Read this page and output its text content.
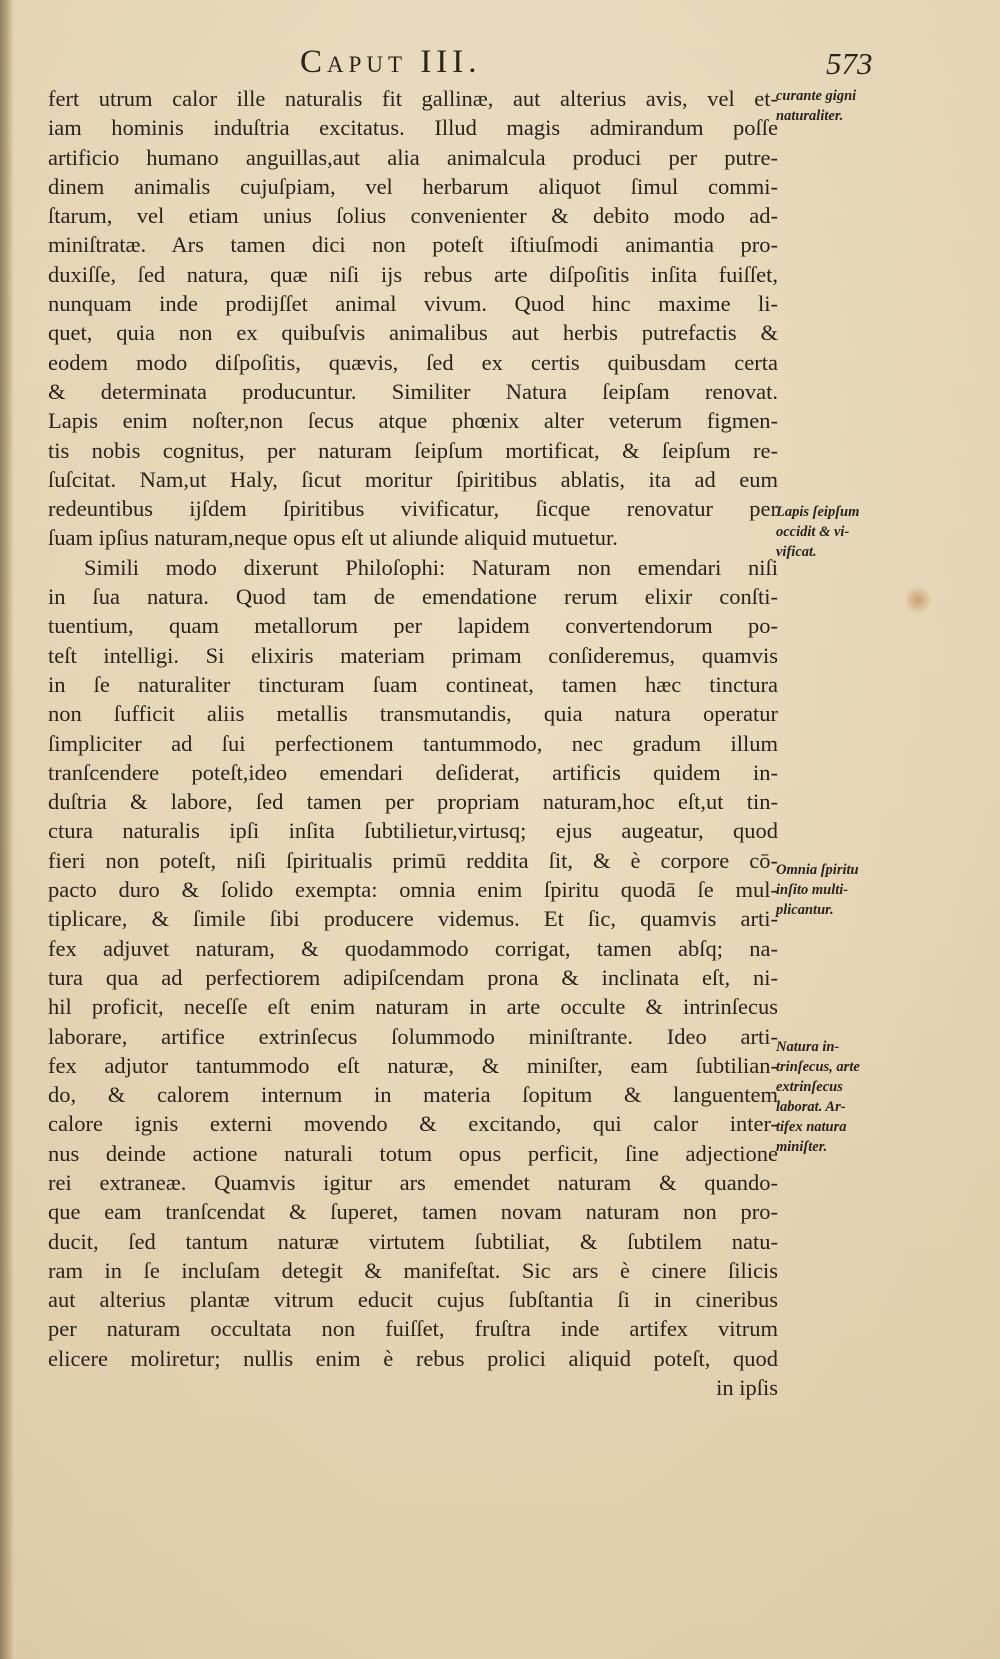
Caput III.	573
fert utrum calor ille naturalis fit gallinæ, aut alterius avis, vel et-
iam hominis induſtria excitatus. Illud magis admirandum poſſe
artificio humano anguillas,aut alia animalcula produci per putre-
dinem animalis cujuſpiam, vel herbarum aliquot ſimul commi-
ſtarum, vel etiam unius ſolius convenienter & debito modo ad-
miniſtratæ. Ars tamen dici non poteſt iſtiuſmodi animantia pro-
duxiſſe, ſed natura, quæ niſi ijs rebus arte diſpoſitis inſita fuiſſet,
nunquam inde prodijſſet animal vivum. Quod hinc maxime li-
quet, quia non ex quibuſvis animalibus aut herbis putrefactis &
eodem modo diſpoſitis, quævis, ſed ex certis quibusdam certa
& determinata producuntur. Similiter Natura ſeipſam renovat.
Lapis enim noſter,non ſecus atque phœnix alter veterum figmen-
tis nobis cognitus, per naturam ſeipſum mortificat, & ſeipſum re-
ſuſcitat. Nam,ut Haly, ſicut moritur ſpiritibus ablatis, ita ad eum
redeuntibus ijſdem ſpiritibus vivificatur, ſicque renovatur per
ſuam ipſius naturam,neque opus eſt ut aliunde aliquid mutuetur.
Simili modo dixerunt Philoſophi: Naturam non emendari niſi
in ſua natura. Quod tam de emendatione rerum elixir conſti-
tuentium, quam metallorum per lapidem convertendorum po-
teſt intelligi. Si elixiris materiam primam conſideremus, quamvis
in ſe naturaliter tincturam ſuam contineat, tamen hæc tinctura
non ſufficit aliis metallis transmutandis, quia natura operatur
ſimpliciter ad ſui perfectionem tantummodo, nec gradum illum
tranſcendere poteſt,ideo emendari deſiderat, artificis quidem in-
duſtria & labore, ſed tamen per propriam naturam,hoc eſt,ut tin-
ctura naturalis ipſi inſita ſubtilietur,virtusq; ejus augeatur, quod
fieri non poteſt, niſi ſpiritualis primū reddita ſit, & è corpore cō-
pacto duro & ſolido exempta: omnia enim ſpiritu quodā ſe mul-
tiplicare, & ſimile ſibi producere videmus. Et ſic, quamvis arti-
fex adjuvet naturam, & quodammodo corrigat, tamen abſq; na-
tura qua ad perfectiorem adipiſcendam prona & inclinata eſt, ni-
hil proficit, neceſſe eſt enim naturam in arte occulte & intrinſecus
laborare, artifice extrinſecus ſolummodo miniſtrante. Ideo arti-
fex adjutor tantummodo eſt naturæ, & miniſter, eam ſubtilian-
do, & calorem internum in materia ſopitum & languentem
calore ignis externi movendo & excitando, qui calor inter-
nus deinde actione naturali totum opus perficit, ſine adjectione
rei extraneæ. Quamvis igitur ars emendet naturam & quando-
que eam tranſcendat & ſuperet, tamen novam naturam non pro-
ducit, ſed tantum naturæ virtutem ſubtiliat, & ſubtilem natu-
ram in ſe incluſam detegit & manifeſtat. Sic ars è cinere ſilicis
aut alterius plantæ vitrum educit cujus ſubſtantia ſi in cineribus
per naturam occultata non fuiſſet, fruſtra inde artifex vitrum
elicere moliretur; nullis enim è rebus prolici aliquid poteſt, quod
in ipſis
curante gigni
naturaliter.
Lapis ſeipſum
occidit & vi-
vificat.
Omnia ſpiritu
inſito multi-
plicantur.
Natura in-
trinſecus, arte
extrinſecus
laborat. Ar-
tifex natura
miniſter.
